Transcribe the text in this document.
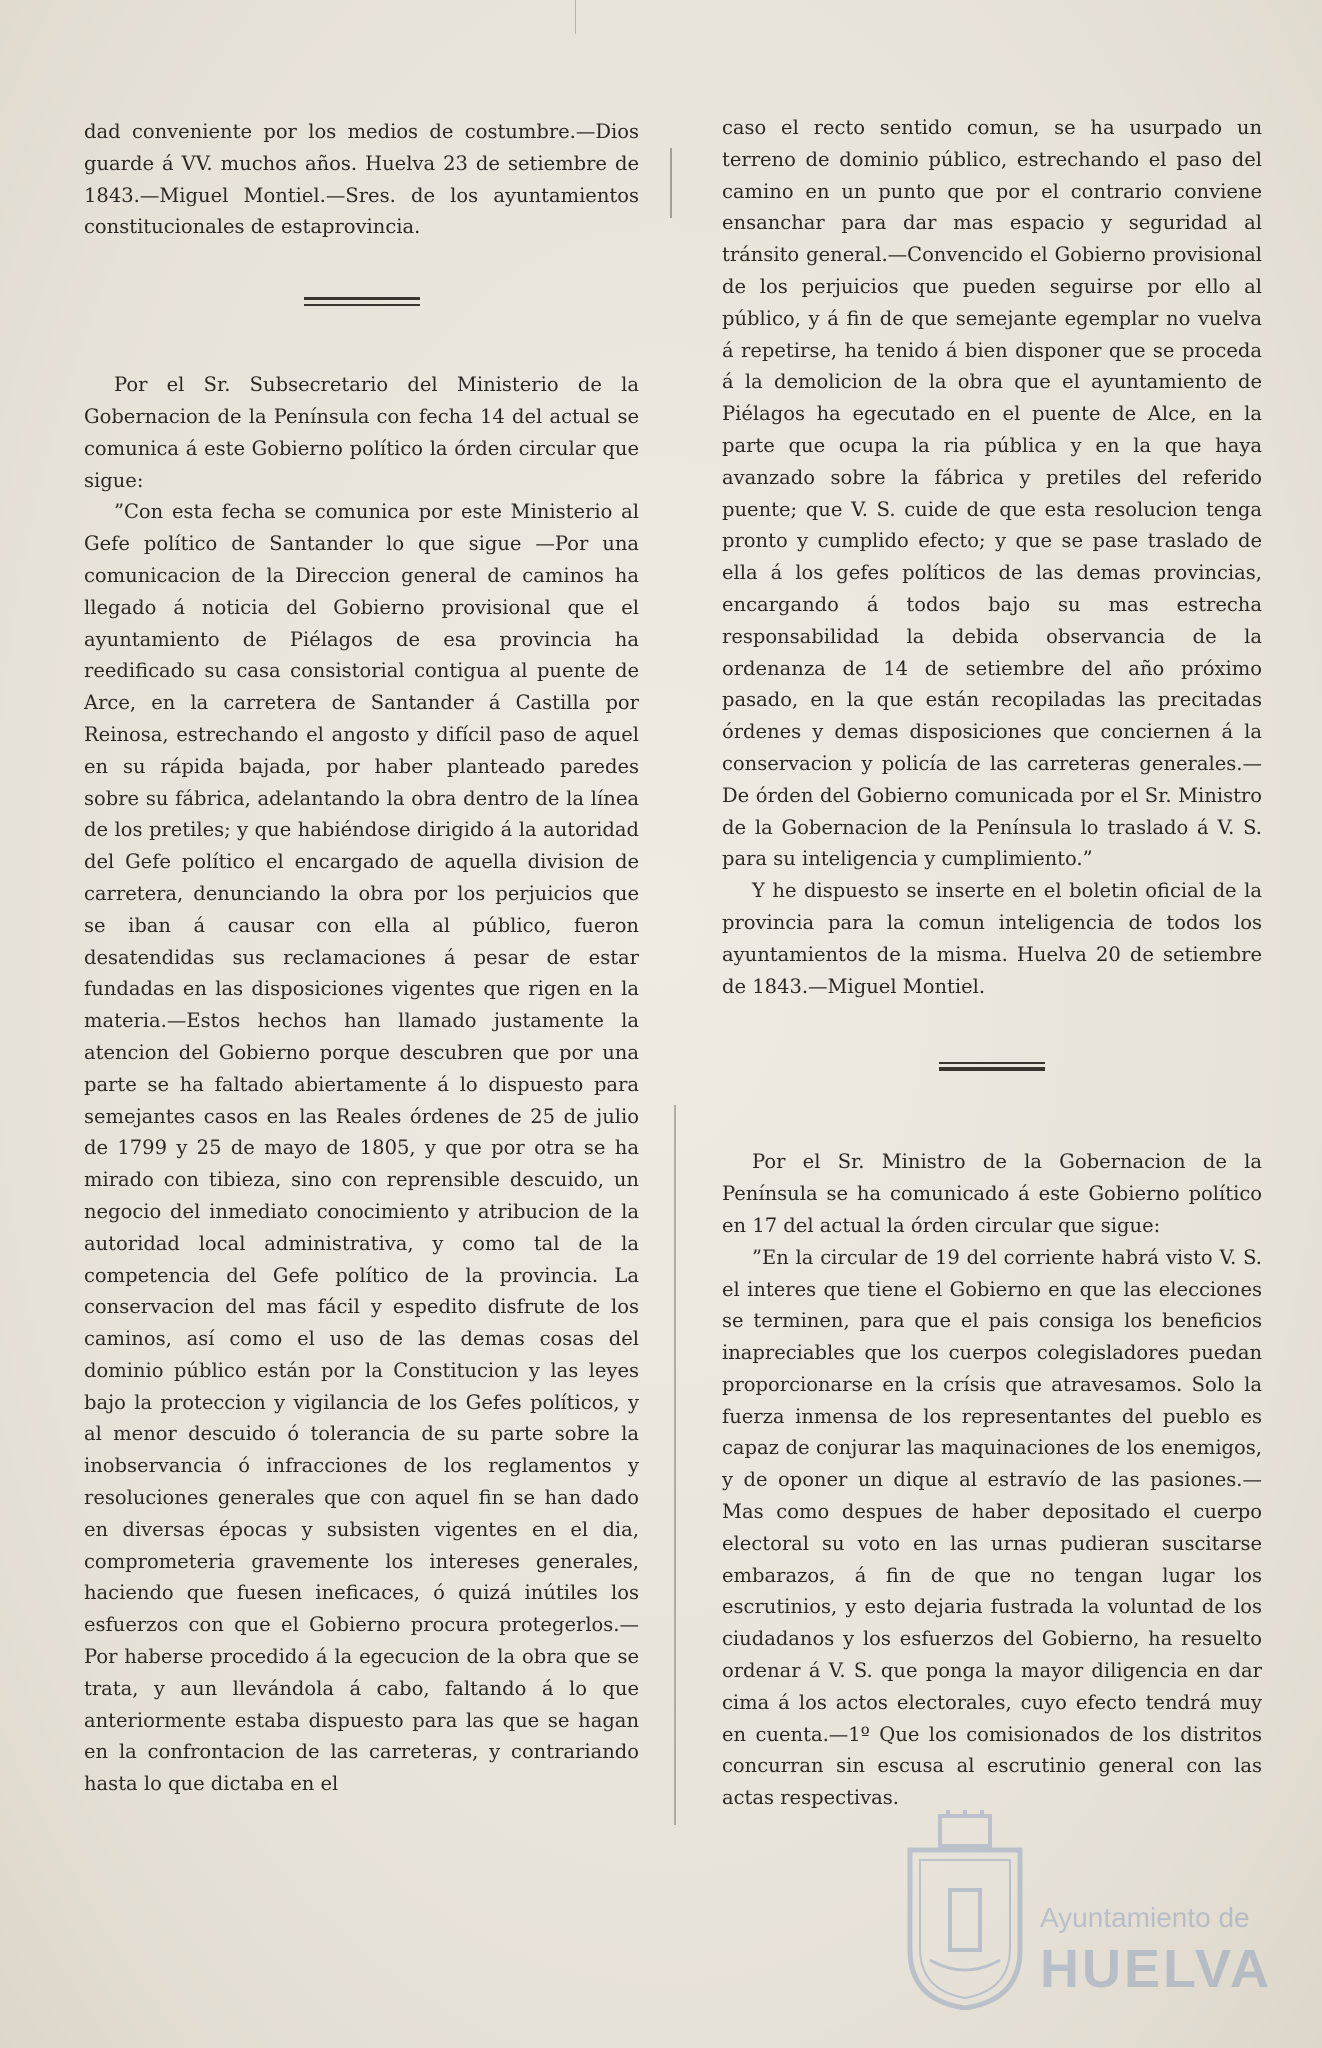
dad conveniente por los medios de costumbre.—Dios guarde á VV. muchos años. Huelva 23 de setiembre de 1843.—Miguel Montiel.—Sres. de los ayuntamientos constitucionales de estaprovincia.

Por el Sr. Subsecretario del Ministerio de la Gobernacion de la Península con fecha 14 del actual se comunica á este Gobierno político la órden circular que sigue:

”Con esta fecha se comunica por este Ministerio al Gefe político de Santander lo que sigue —Por una comunicacion de la Direccion general de caminos ha llegado á noticia del Gobierno provisional que el ayuntamiento de Piélagos de esa provincia ha reedificado su casa consistorial contigua al puente de Arce, en la carretera de Santander á Castilla por Reinosa, estrechando el angosto y difícil paso de aquel en su rápida bajada, por haber planteado paredes sobre su fábrica, adelantando la obra dentro de la línea de los pretiles; y que habiéndose dirigido á la autoridad del Gefe político el encargado de aquella division de carretera, denunciando la obra por los perjuicios que se iban á causar con ella al público, fueron desatendidas sus reclamaciones á pesar de estar fundadas en las disposiciones vigentes que rigen en la materia.—Estos hechos han llamado justamente la atencion del Gobierno porque descubren que por una parte se ha faltado abiertamente á lo dispuesto para semejantes casos en las Reales órdenes de 25 de julio de 1799 y 25 de mayo de 1805, y que por otra se ha mirado con tibieza, sino con reprensible descuido, un negocio del inmediato conocimiento y atribucion de la autoridad local administrativa, y como tal de la competencia del Gefe político de la provincia. La conservacion del mas fácil y espedito disfrute de los caminos, así como el uso de las demas cosas del dominio público están por la Constitucion y las leyes bajo la proteccion y vigilancia de los Gefes políticos, y al menor descuido ó tolerancia de su parte sobre la inobservancia ó infracciones de los reglamentos y resoluciones generales que con aquel fin se han dado en diversas épocas y subsisten vigentes en el dia, comprometeria gravemente los intereses generales, haciendo que fuesen ineficaces, ó quizá inútiles los esfuerzos con que el Gobierno procura protegerlos.—Por haberse procedido á la egecucion de la obra que se trata, y aun llevándola á cabo, faltando á lo que anteriormente estaba dispuesto para las que se hagan en la confrontacion de las carreteras, y contrariando hasta lo que dictaba en el

caso el recto sentido comun, se ha usurpado un terreno de dominio público, estrechando el paso del camino en un punto que por el contrario conviene ensanchar para dar mas espacio y seguridad al tránsito general.—Convencido el Gobierno provisional de los perjuicios que pueden seguirse por ello al público, y á fin de que semejante egemplar no vuelva á repetirse, ha tenido á bien disponer que se proceda á la demolicion de la obra que el ayuntamiento de Piélagos ha egecutado en el puente de Alce, en la parte que ocupa la ria pública y en la que haya avanzado sobre la fábrica y pretiles del referido puente; que V. S. cuide de que esta resolucion tenga pronto y cumplido efecto; y que se pase traslado de ella á los gefes políticos de las demas provincias, encargando á todos bajo su mas estrecha responsabilidad la debida observancia de la ordenanza de 14 de setiembre del año próximo pasado, en la que están recopiladas las precitadas órdenes y demas disposiciones que conciernen á la conservacion y policía de las carreteras generales.—De órden del Gobierno comunicada por el Sr. Ministro de la Gobernacion de la Península lo traslado á V. S. para su inteligencia y cumplimiento.”

Y he dispuesto se inserte en el boletin oficial de la provincia para la comun inteligencia de todos los ayuntamientos de la misma. Huelva 20 de setiembre de 1843.—Miguel Montiel.

Por el Sr. Ministro de la Gobernacion de la Península se ha comunicado á este Gobierno político en 17 del actual la órden circular que sigue:

”En la circular de 19 del corriente habrá visto V. S. el interes que tiene el Gobierno en que las elecciones se terminen, para que el pais consiga los beneficios inapreciables que los cuerpos colegisladores puedan proporcionarse en la crísis que atravesamos. Solo la fuerza inmensa de los representantes del pueblo es capaz de conjurar las maquinaciones de los enemigos, y de oponer un dique al estravío de las pasiones.—Mas como despues de haber depositado el cuerpo electoral su voto en las urnas pudieran suscitarse embarazos, á fin de que no tengan lugar los escrutinios, y esto dejaria fustrada la voluntad de los ciudadanos y los esfuerzos del Gobierno, ha resuelto ordenar á V. S. que ponga la mayor diligencia en dar cima á los actos electorales, cuyo efecto tendrá muy en cuenta.—1º Que los comisionados de los distritos concurran sin escusa al escrutinio general con las actas respectivas.

Ayuntamiento de
HUELVA
